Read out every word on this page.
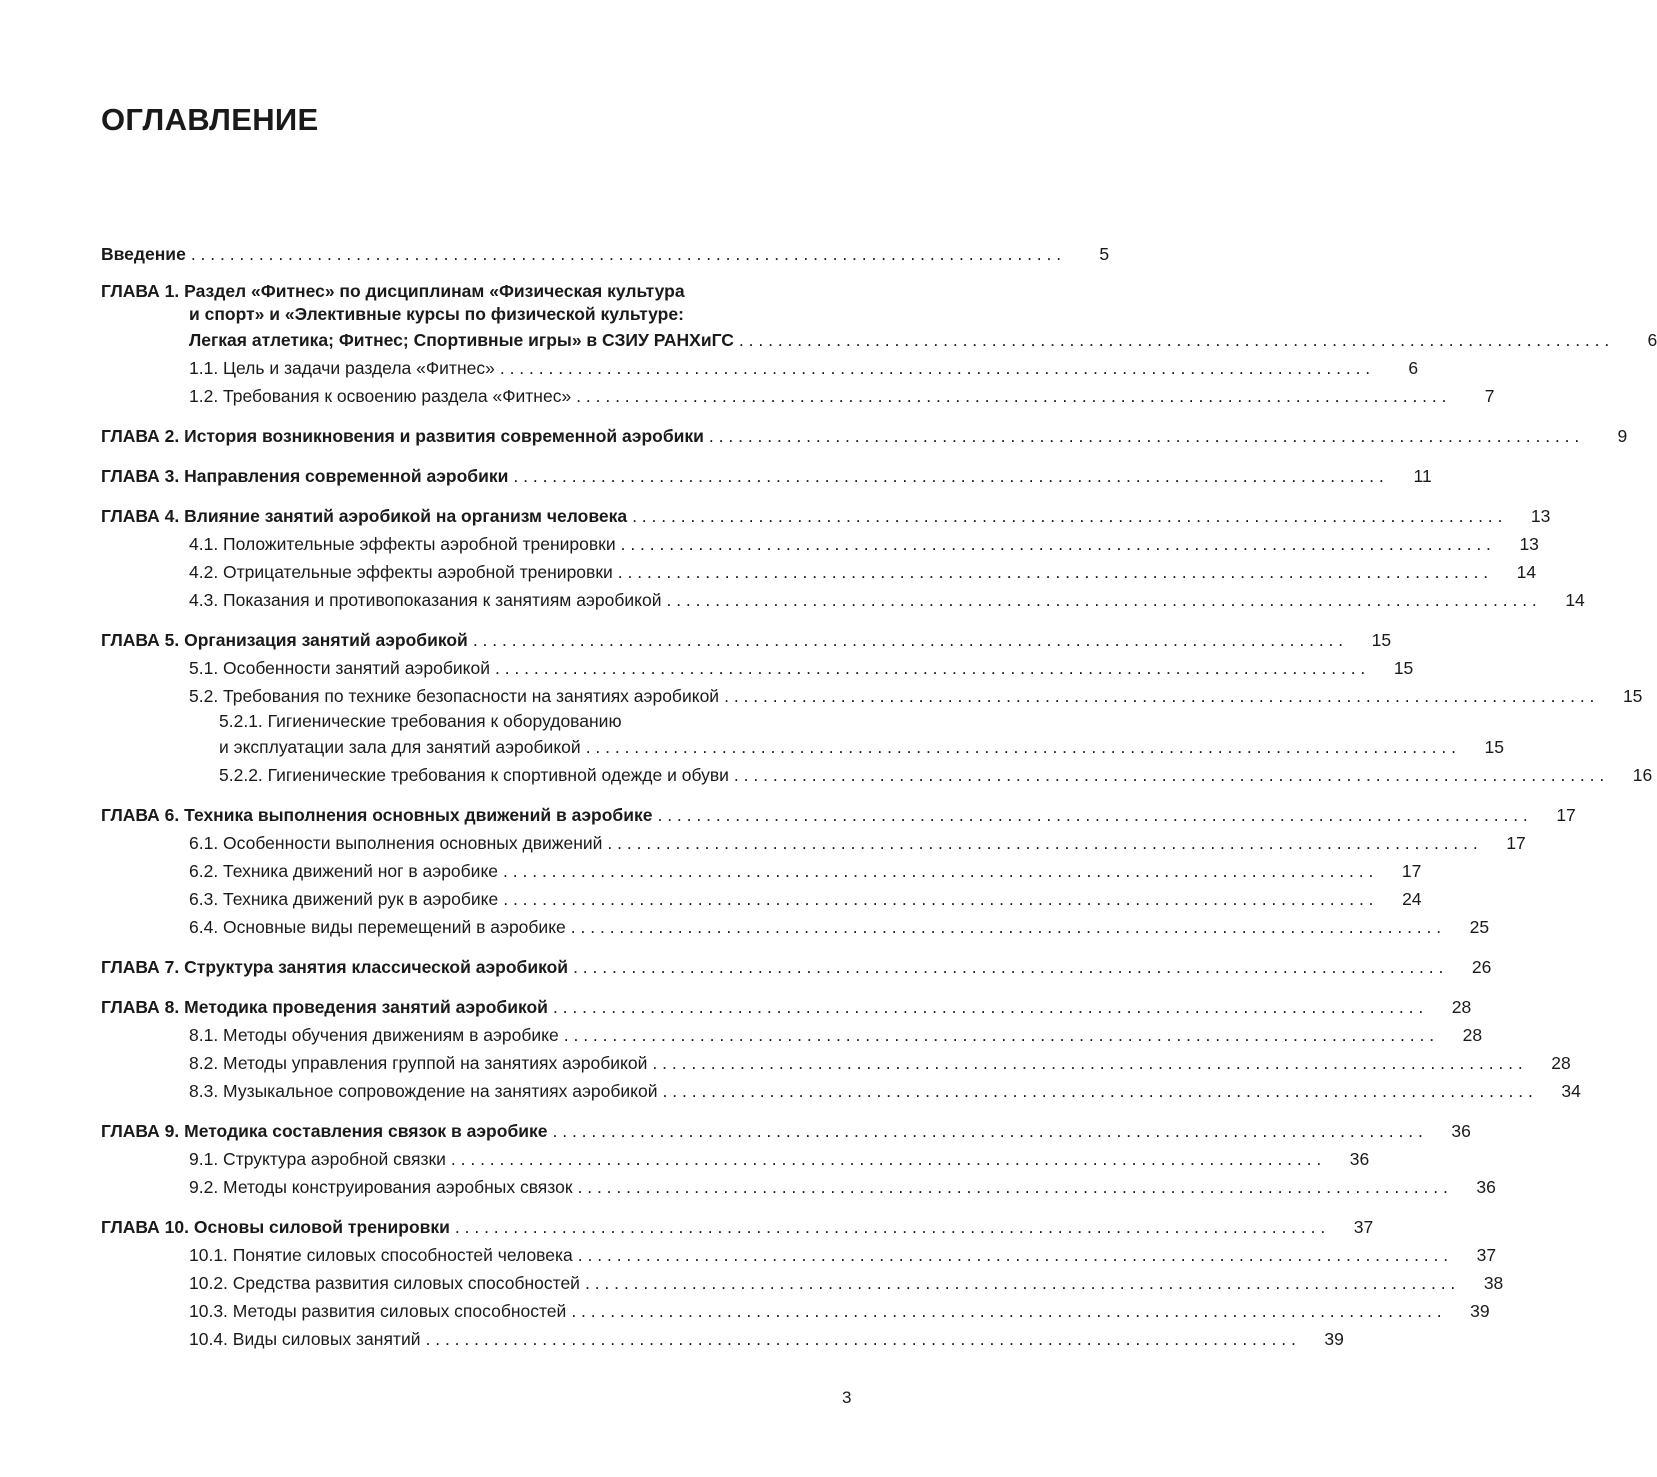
ОГЛАВЛЕНИЕ
Введение . . .	5
ГЛАВА 1. Раздел «Фитнес» по дисциплинам «Физическая культура
и спорт» и «Элективные курсы по физической культуре:
Легкая атлетика; Фитнес; Спортивные игры» в СЗИУ РАНХиГС . . .	6
1.1. Цель и задачи раздела «Фитнес» . . .	6
1.2. Требования к освоению раздела «Фитнес» . . .	7
ГЛАВА 2. История возникновения и развития современной аэробики . . .	9
ГЛАВА 3. Направления современной аэробики . . .	11
ГЛАВА 4. Влияние занятий аэробикой на организм человека . . .	13
4.1. Положительные эффекты аэробной тренировки . . .	13
4.2. Отрицательные эффекты аэробной тренировки . . .	14
4.3. Показания и противопоказания к занятиям аэробикой . . .	14
ГЛАВА 5. Организация занятий аэробикой . . .	15
5.1. Особенности занятий аэробикой . . .	15
5.2. Требования по технике безопасности на занятиях аэробикой . . .	15
5.2.1. Гигиенические требования к оборудованию
и эксплуатации зала для занятий аэробикой . . .	15
5.2.2. Гигиенические требования к спортивной одежде и обуви . . .	16
ГЛАВА 6. Техника выполнения основных движений в аэробике . . .	17
6.1. Особенности выполнения основных движений . . .	17
6.2. Техника движений ног в аэробике . . .	17
6.3. Техника движений рук в аэробике . . .	24
6.4. Основные виды перемещений в аэробике . . .	25
ГЛАВА 7. Структура занятия классической аэробикой . . .	26
ГЛАВА 8. Методика проведения занятий аэробикой . . .	28
8.1. Методы обучения движениям в аэробике . . .	28
8.2. Методы управления группой на занятиях аэробикой . . .	28
8.3. Музыкальное сопровождение на занятиях аэробикой . . .	34
ГЛАВА 9. Методика составления связок в аэробике . . .	36
9.1. Структура аэробной связки . . .	36
9.2. Методы конструирования аэробных связок . . .	36
ГЛАВА 10. Основы силовой тренировки . . .	37
10.1. Понятие силовых способностей человека . . .	37
10.2. Средства развития силовых способностей . . .	38
10.3. Методы развития силовых способностей . . .	39
10.4. Виды силовых занятий . . .	39
3
